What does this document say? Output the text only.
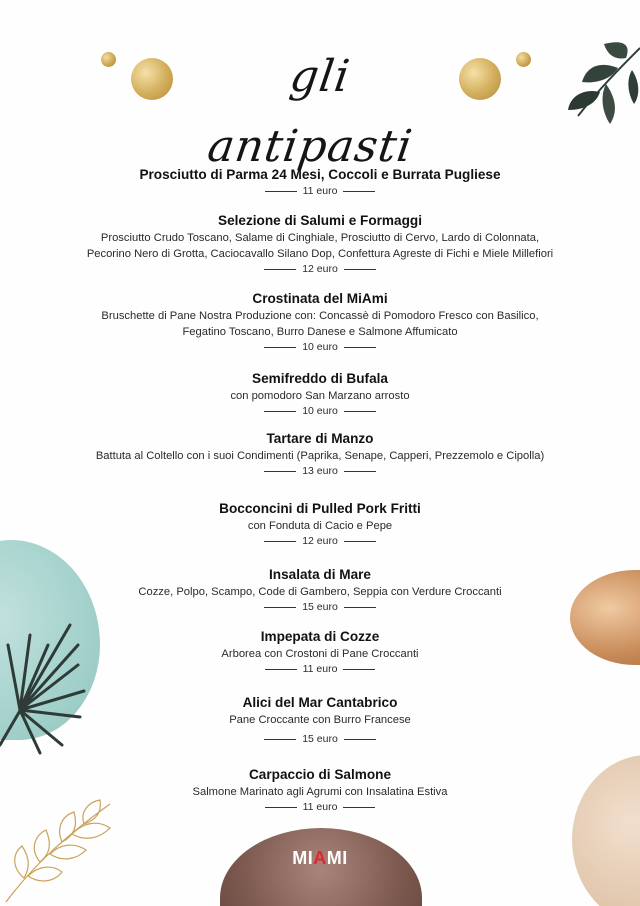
gli antipasti
Prosciutto di Parma 24 Mesi, Coccoli e Burrata Pugliese
11 euro
Selezione di Salumi e Formaggi
Prosciutto Crudo Toscano, Salame di Cinghiale, Prosciutto di Cervo, Lardo di Colonnata,
Pecorino Nero di Grotta, Caciocavallo Silano Dop, Confettura Agreste di Fichi e Miele Millefiori
12 euro
Crostinata del MiAmi
Bruschette di Pane Nostra Produzione con: Concassè di Pomodoro Fresco con Basilico,
Fegatino Toscano, Burro Danese e Salmone Affumicato
10 euro
Semifreddo di Bufala
con pomodoro San Marzano arrosto
10 euro
Tartare di Manzo
Battuta al Coltello con i suoi Condimenti (Paprika, Senape, Capperi, Prezzemolo e Cipolla)
13 euro
Bocconcini di Pulled Pork Fritti
con Fonduta di Cacio e Pepe
12 euro
Insalata di Mare
Cozze, Polpo, Scampo, Code di Gambero, Seppia con Verdure Croccanti
15 euro
Impepata di Cozze
Arborea con Crostoni di Pane Croccanti
11 euro
Alici del Mar Cantabrico
Pane Croccante con Burro Francese
15 euro
Carpaccio di Salmone
Salmone Marinato agli Agrumi con Insalatina Estiva
11 euro
MIAMI
